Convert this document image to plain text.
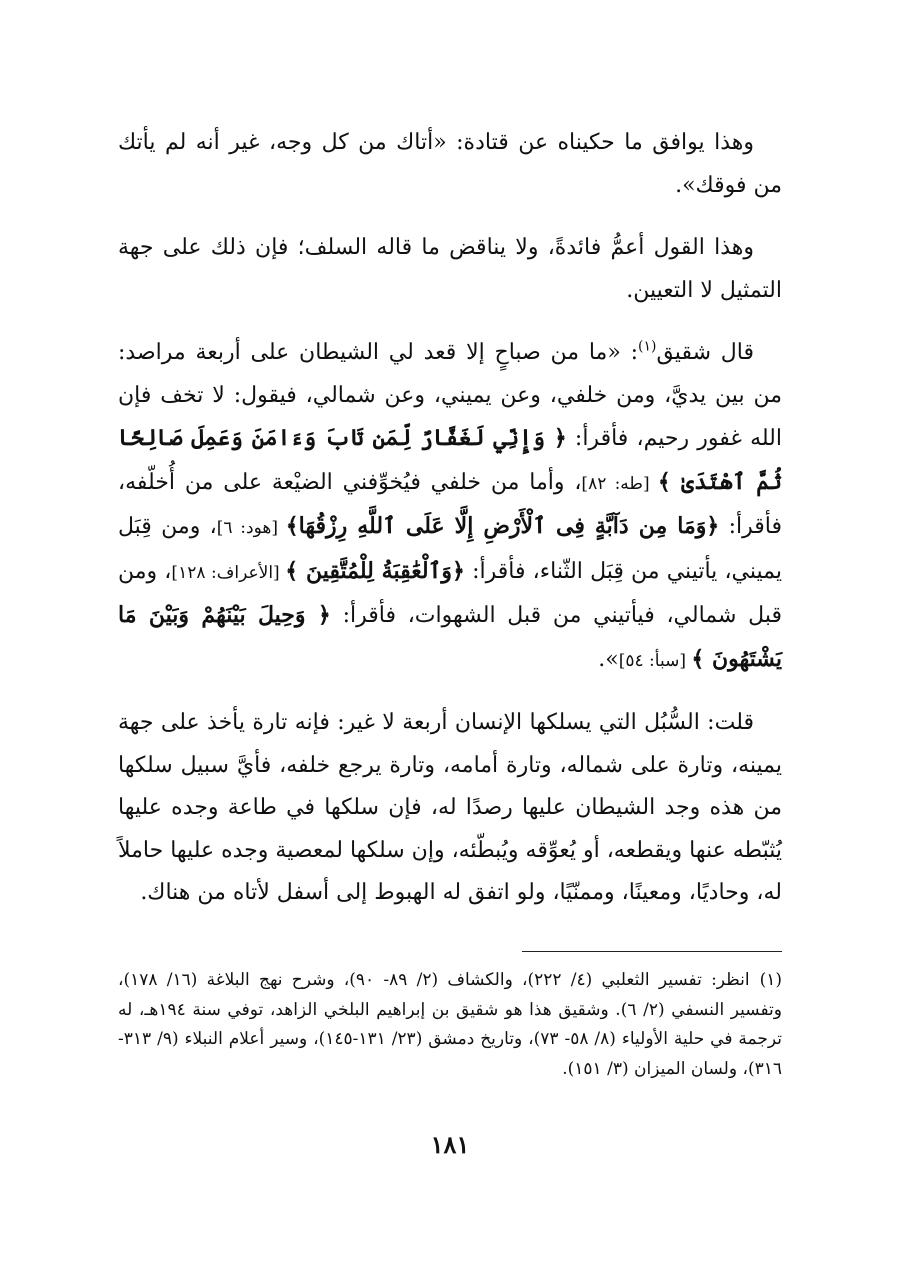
وهذا يوافق ما حكيناه عن قتادة: «أتاك من كل وجه، غير أنه لم يأتك من فوقك».

وهذا القول أعمُّ فائدةً، ولا يناقض ما قاله السلف؛ فإن ذلك على جهة التمثيل لا التعيين.

قال شقيق$^{(١)}$: «ما من صباحٍ إلا قعد لي الشيطان على أربعة مراصد: من بين يديَّ، ومن خلفي، وعن يميني، وعن شمالي، فيقول: لا تخف فإن الله غفور رحيم، فأقرأ: ﴿ وَإِنِّي لَغَفَّارٌ لِّمَن تَابَ وَءَامَنَ وَعَمِلَ صَالِحًا ثُمَّ ٱهْتَدَىٰ ﴾ [طه: ٨٢]، وأما من خلفي فيُخوِّفني الضيْعة على من أُخلّفه، فأقرأ: ﴿وَمَا مِن دَآبَّةٍ فِى ٱلْأَرْضِ إِلَّا عَلَى ٱللَّهِ رِزْقُهَا﴾ [هود: ٦]، ومن قِبَل يميني، يأتيني من قِبَل الثّناء، فأقرأ: ﴿وَٱلْعَٰقِبَةُ لِلْمُتَّقِينَ ﴾ [الأعراف: ١٢٨]، ومن قبل شمالي، فيأتيني من قبل الشهوات، فأقرأ: ﴿ وَحِيلَ بَيْنَهُمْ وَبَيْنَ مَا يَشْتَهُونَ ﴾ [سبأ: ٥٤]».

قلت: السُّبُل التي يسلكها الإنسان أربعة لا غير: فإنه تارة يأخذ على جهة يمينه، وتارة على شماله، وتارة أمامه، وتارة يرجع خلفه، فأيَّ سبيل سلكها من هذه وجد الشيطان عليها رصدًا له، فإن سلكها في طاعة وجده عليها يُثبّطه عنها ويقطعه، أو يُعوِّقه ويُبطّئه، وإن سلكها لمعصية وجده عليها حاملاً له، وحاديًا، ومعينًا، وممنّيًا، ولو اتفق له الهبوط إلى أسفل لأتاه من هناك.

(١)انظر: تفسير الثعلبي (٤/ ٢٢٢)، والكشاف (٢/ ٨٩- ٩٠)، وشرح نهج البلاغة (١٦/ ١٧٨)، وتفسير النسفي (٢/ ٦). وشقيق هذا هو شقيق بن إبراهيم البلخي الزاهد، توفي سنة ١٩٤هـ، له ترجمة في حلية الأولياء (٨/ ٥٨- ٧٣)، وتاريخ دمشق (٢٣/ ١٣١-١٤٥)، وسير أعلام النبلاء (٩/ ٣١٣- ٣١٦)، ولسان الميزان (٣/ ١٥١).
١٨١
